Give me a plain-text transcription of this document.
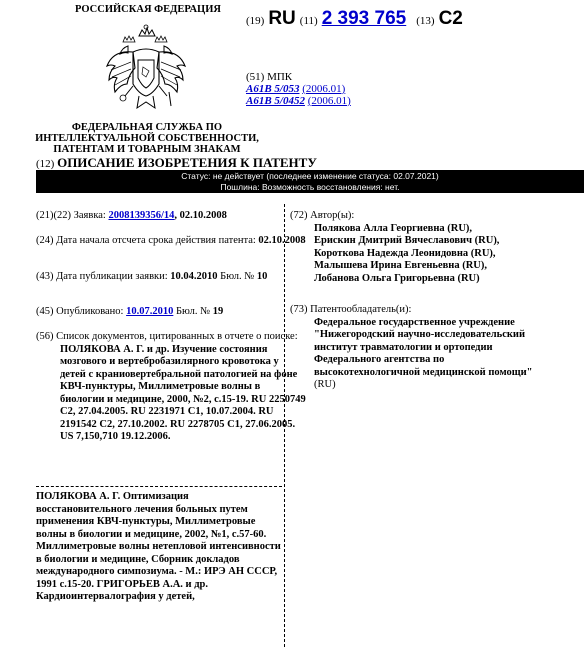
РОССИЙСКАЯ ФЕДЕРАЦИЯ
ФЕДЕРАЛЬНАЯ СЛУЖБА ПО ИНТЕЛЛЕКТУАЛЬНОЙ СОБСТВЕННОСТИ, ПАТЕНТАМ И ТОВАРНЫМ ЗНАКАМ
(19) RU (11) 2 393 765 (13) C2
(51) МПК
A61B 5/053 (2006.01)
A61B 5/0452 (2006.01)
(12) ОПИСАНИЕ ИЗОБРЕТЕНИЯ К ПАТЕНТУ
Статус: не действует (последнее изменение статуса: 02.07.2021)
Пошлина: Возможность восстановления: нет.
(21)(22) Заявка: 2008139356/14, 02.10.2008
(24) Дата начала отсчета срока действия патента: 02.10.2008
(43) Дата публикации заявки: 10.04.2010 Бюл. № 10
(45) Опубликовано: 10.07.2010 Бюл. № 19
(56) Список документов, цитированных в отчете о поиске: ПОЛЯКОВА А. Г. и др. Изучение состояния мозгового и вертебробазилярного кровотока у детей с краниовертебральной патологией на фоне КВЧ-пунктуры, Миллиметровые волны в биологии и медицине, 2000, №2, с.15-19. RU 2250749 C2, 27.04.2005. RU 2231971 C1, 10.07.2004. RU 2191542 C2, 27.10.2002. RU 2278705 C1, 27.06.2005. US 7,150,710 19.12.2006.
ПОЛЯКОВА А. Г. Оптимизация восстановительного лечения больных путем применения КВЧ-пунктуры, Миллиметровые волны в биологии и медицине, 2002, №1, с.57-60. Миллиметровые волны нетепловой интенсивности в биологии и медицине, Сборник докладов международного симпозиума. - М.: ИРЭ АН СССР, 1991 с.15-20. ГРИГОРЬЕВ А.А. и др. Кардиоинтервалография у детей,
(72) Автор(ы):
Полякова Алла Георгиевна (RU),
Ерискин Дмитрий Вячеславович (RU),
Короткова Надежда Леонидовна (RU),
Малышева Ирина Евгеньевна (RU),
Лобанова Ольга Григорьевна (RU)
(73) Патентообладатель(и):
Федеральное государственное учреждение "Нижегородский научно-исследовательский институт травматологии и ортопедии Федерального агентства по высокотехнологичной медицинской помощи" (RU)
